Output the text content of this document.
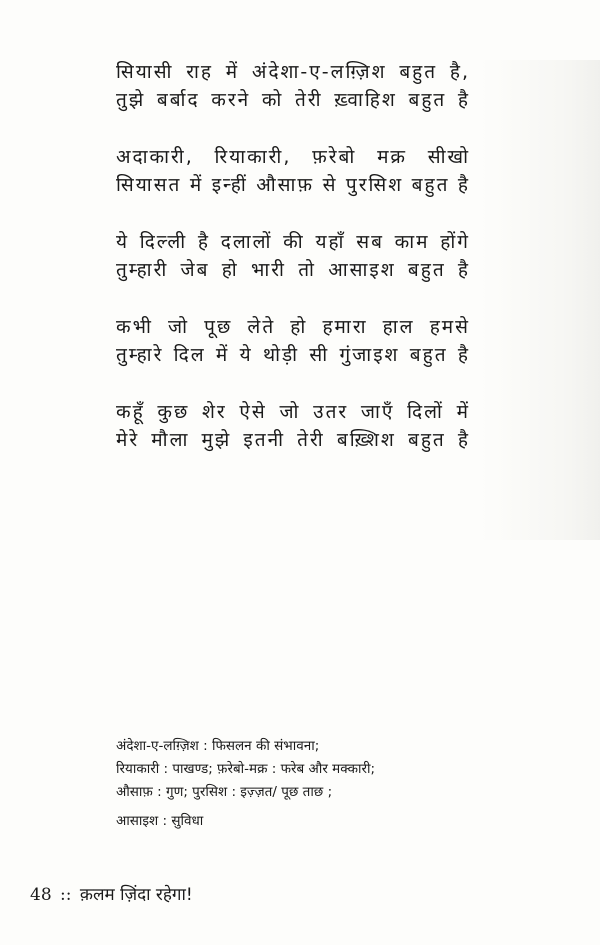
सियासी राह में अंदेशा-ए-लग़्ज़िश बहुत है,
तुझे बर्बाद करने को तेरी ख़्वाहिश बहुत है
अदाकारी, रियाकारी, फ़रेबो मक्र सीखो
सियासत में इन्हीं औसाफ़ से पुरसिश बहुत है
ये दिल्ली है दलालों की यहाँ सब काम होंगे
तुम्हारी जेब हो भारी तो आसाइश बहुत है
कभी जो पूछ लेते हो हमारा हाल हमसे
तुम्हारे दिल में ये थोड़ी सी गुंजाइश बहुत है
कहूँ कुछ शेर ऐसे जो उतर जाएँ दिलों में
मेरे मौला मुझे इतनी तेरी बख़्शिश बहुत है
अंदेशा-ए-लग़्ज़िश : फिसलन की संभावना;
रियाकारी : पाखण्ड; फ़रेबो-मक्र : फरेब और मक्कारी;
औसाफ़ : गुण; पुरसिश : इज़्ज़त/ पूछ ताछ ;
आसाइश : सुविधा
48 :: क़लम ज़िंदा रहेगा!
